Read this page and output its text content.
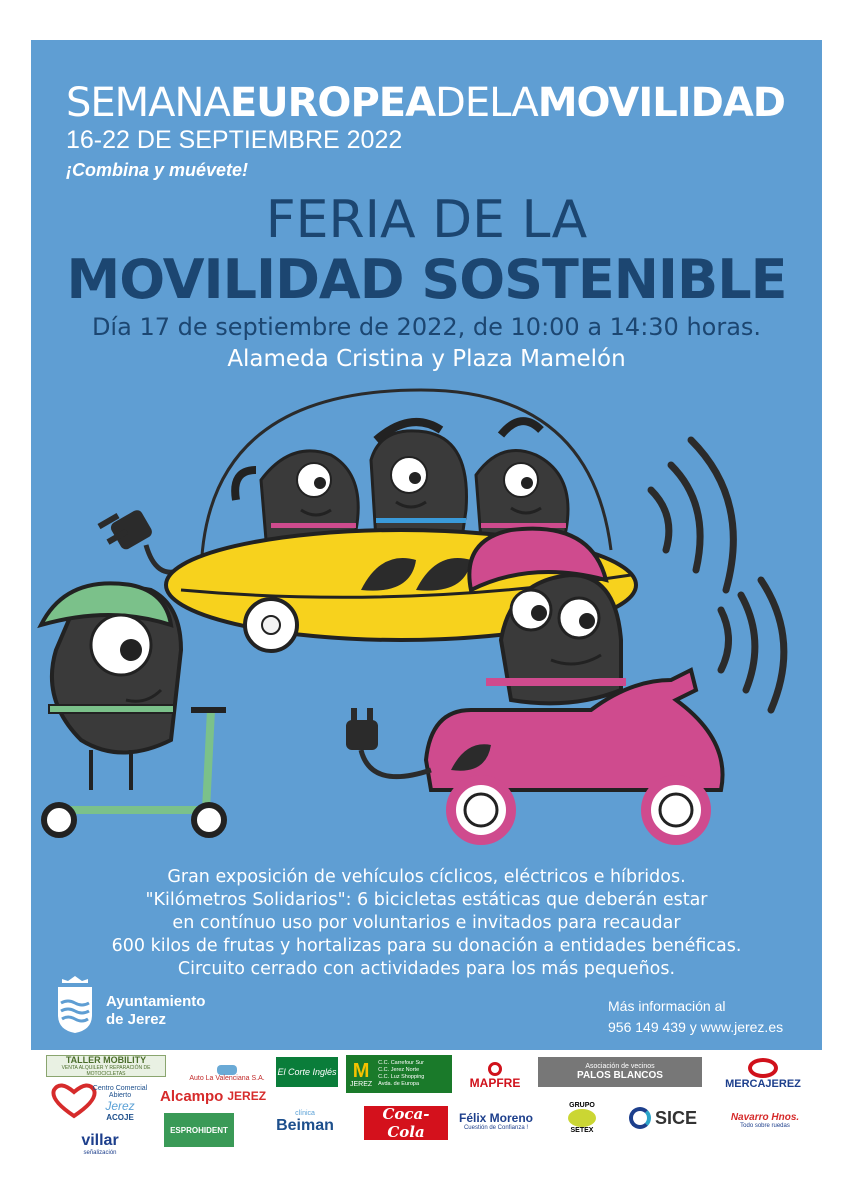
SEMANAEUROPEADELAMOVILIDAD
16-22 DE SEPTIEMBRE 2022
¡Combina y muévete!
FERIA DE LA
MOVILIDAD SOSTENIBLE
Día 17 de septiembre de 2022, de 10:00 a 14:30 horas.
Alameda Cristina y Plaza Mamelón
Gran exposición de vehículos cíclicos, eléctricos e híbridos.
"Kilómetros Solidarios": 6 bicicletas estáticas que deberán estar
en contínuo uso por voluntarios e invitados para recaudar
600 kilos de frutas y hortalizas para su donación a entidades benéficas.
Circuito cerrado con actividades para los más pequeños.
Ayuntamiento
de Jerez
Más información al
956 149 439 y www.jerez.es
TALLER MOBILITY
VENTA ALQUILER Y REPARACIÓN DE MOTOCICLETAS
Auto La Valenciana S.A.
El Corte Inglés M
JEREZ
C.C. Carrefour Sur
C.C. Jerez Norte
C.C. Luz Shopping
Avda. de Europa	MAPFRE
Asociación de vecinos
PALOS BLANCOS
MERCAJEREZ
Centro Comercial Abierto
Jerez
ACOJE
Alcampo JEREZ
ESPROHIDENT
clínica
Beiman
Coca-Cola
Félix Moreno
Cuestión de Confianza !
GRUPO
SETEX
SICE	Navarro Hnos.
Todo sobre ruedas
villar
señalización
